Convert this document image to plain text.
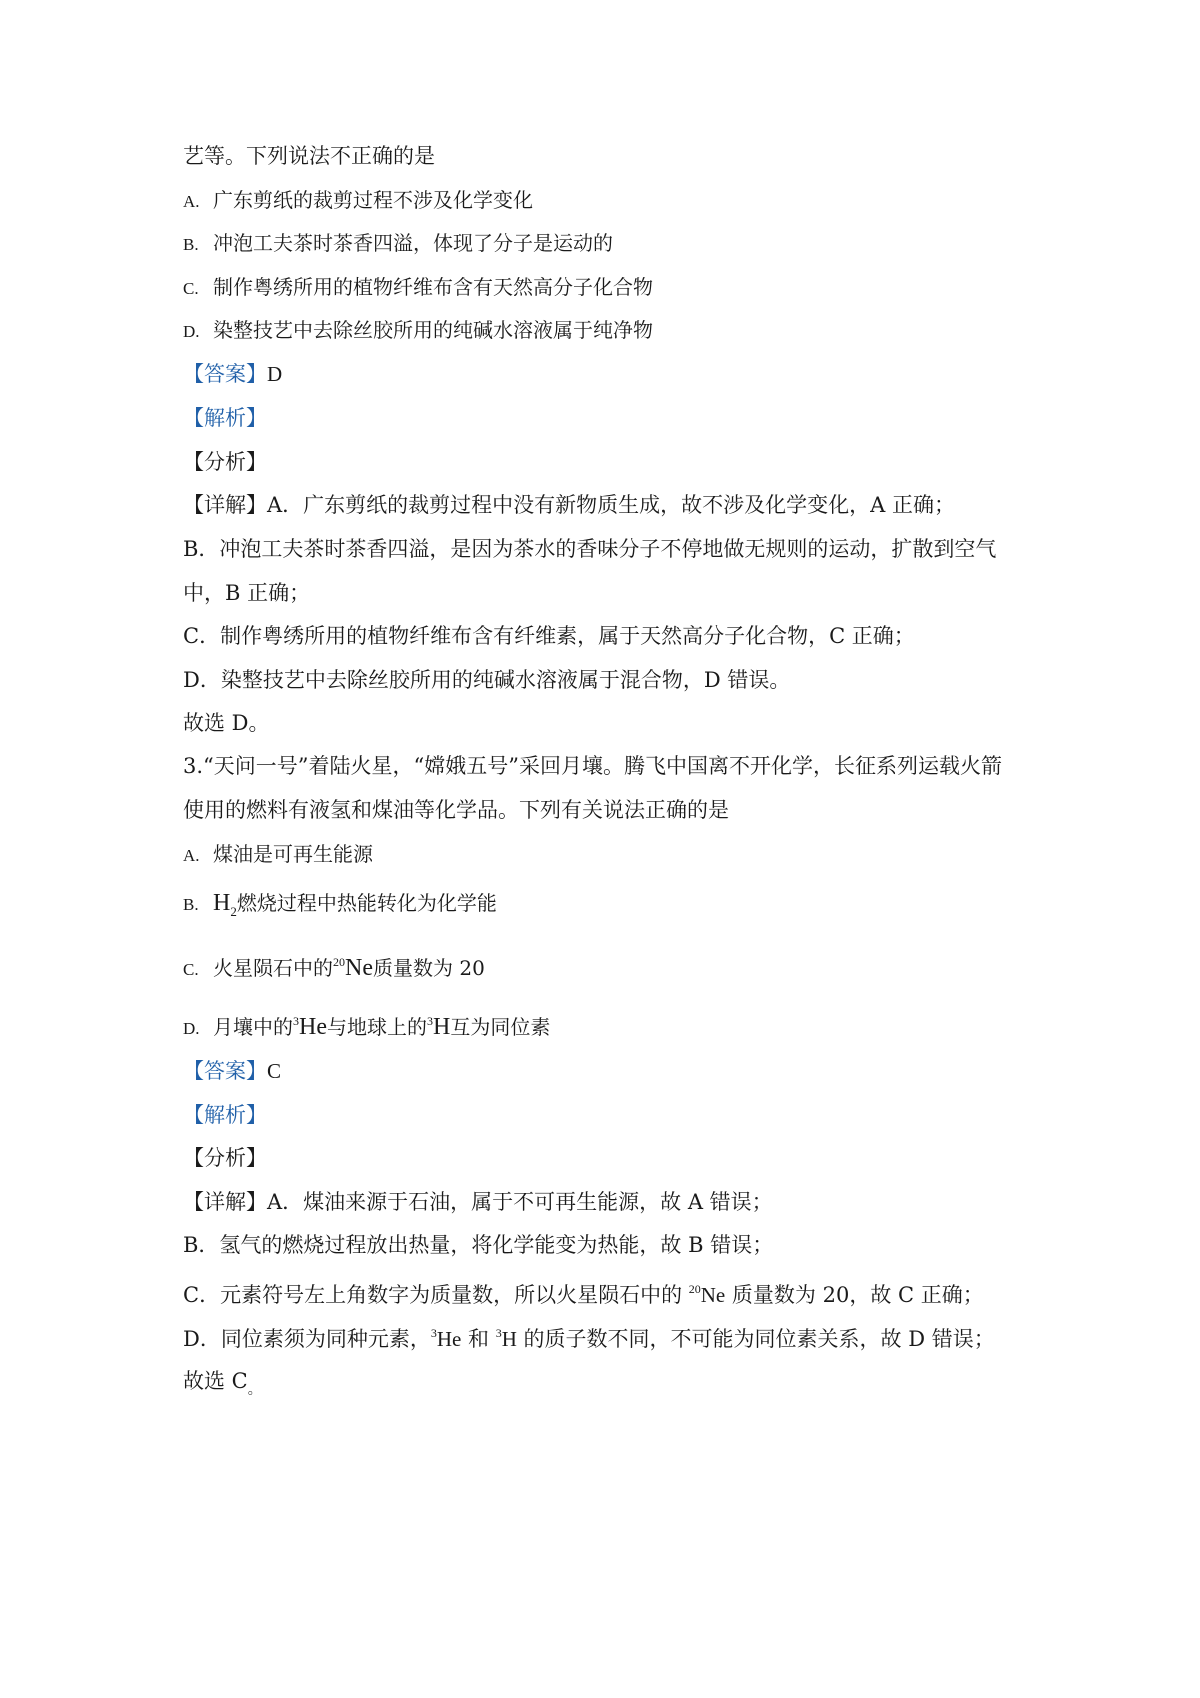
艺等。下列说法不正确的是
A. 广东剪纸的裁剪过程不涉及化学变化
B. 冲泡工夫茶时茶香四溢，体现了分子是运动的
C. 制作粤绣所用的植物纤维布含有天然高分子化合物
D. 染整技艺中去除丝胶所用的纯碱水溶液属于纯净物
【答案】D
【解析】
【分析】
【详解】A．广东剪纸的裁剪过程中没有新物质生成，故不涉及化学变化，A 正确；
B．冲泡工夫茶时茶香四溢，是因为茶水的香味分子不停地做无规则的运动，扩散到空气
中，B 正确；
C．制作粤绣所用的植物纤维布含有纤维素，属于天然高分子化合物，C 正确；
D．染整技艺中去除丝胶所用的纯碱水溶液属于混合物，D 错误。
故选 D。
3.“天问一号”着陆火星，“嫦娥五号”采回月壤。腾飞中国离不开化学，长征系列运载火箭
使用的燃料有液氢和煤油等化学品。下列有关说法正确的是
A. 煤油是可再生能源
B. $H_2$燃烧过程中热能转化为化学能
C. 火星陨石中的$^{20}$Ne质量数为 20
D. 月壤中的$^3$He与地球上的$^3$H互为同位素
【答案】C
【解析】
【分析】
【详解】A．煤油来源于石油，属于不可再生能源，故 A 错误；
B．氢气的燃烧过程放出热量，将化学能变为热能，故 B 错误；
C．元素符号左上角数字为质量数，所以火星陨石中的 $^{20}$Ne 质量数为 20，故 C 正确；
D．同位素须为同种元素，$^3$He 和 $^3$H 的质子数不同，不可能为同位素关系，故 D 错误；
故选 $C_。$
